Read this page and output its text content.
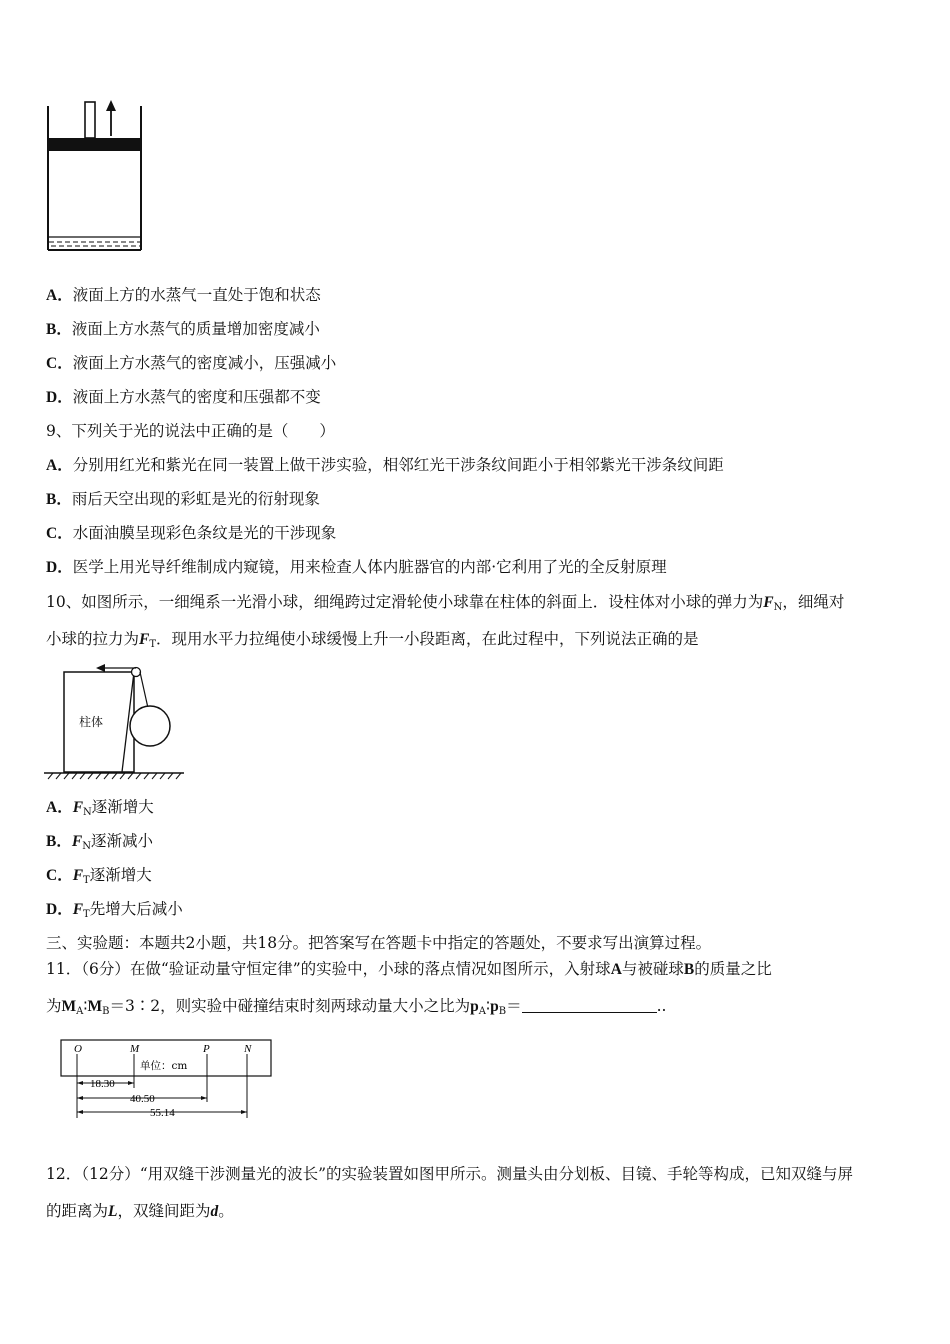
A．液面上方的水蒸气一直处于饱和状态
B．液面上方水蒸气的质量增加密度减小
C．液面上方水蒸气的密度减小，压强减小
D．液面上方水蒸气的密度和压强都不变
9、下列关于光的说法中正确的是（　　）
A．分别用红光和紫光在同一装置上做干涉实验，相邻红光干涉条纹间距小于相邻紫光干涉条纹间距
B．雨后天空出现的彩虹是光的衍射现象
C．水面油膜呈现彩色条纹是光的干涉现象
D．医学上用光导纤维制成内窥镜，用来检查人体内脏器官的内部·它利用了光的全反射原理
10、如图所示，一细绳系一光滑小球，细绳跨过定滑轮使小球靠在柱体的斜面上．设柱体对小球的弹力为$F_N$，细绳对
小球的拉力为$F_T$．现用水平力拉绳使小球缓慢上升一小段距离，在此过程中，下列说法正确的是
柱体
A．$F_N$逐渐增大
B．$F_N$逐渐减小
C．$F_T$逐渐增大
D．$F_T$先增大后减小
三、实验题：本题共2小题，共18分。把答案写在答题卡中指定的答题处，不要求写出演算过程。
11．（6分）在做“验证动量守恒定律”的实验中，小球的落点情况如图所示，入射球A与被碰球B的质量之比
为$M_A∶M_B=3∶2$，则实验中碰撞结束时刻两球动量大小之比为$p_A∶p_B=$	..
O	M	P	N
单位：cm
18.30
40.50
55.14
12．（12分）“用双缝干涉测量光的波长”的实验装置如图甲所示。测量头由分划板、目镜、手轮等构成，已知双缝与屏
的距离为L，双缝间距为d。
